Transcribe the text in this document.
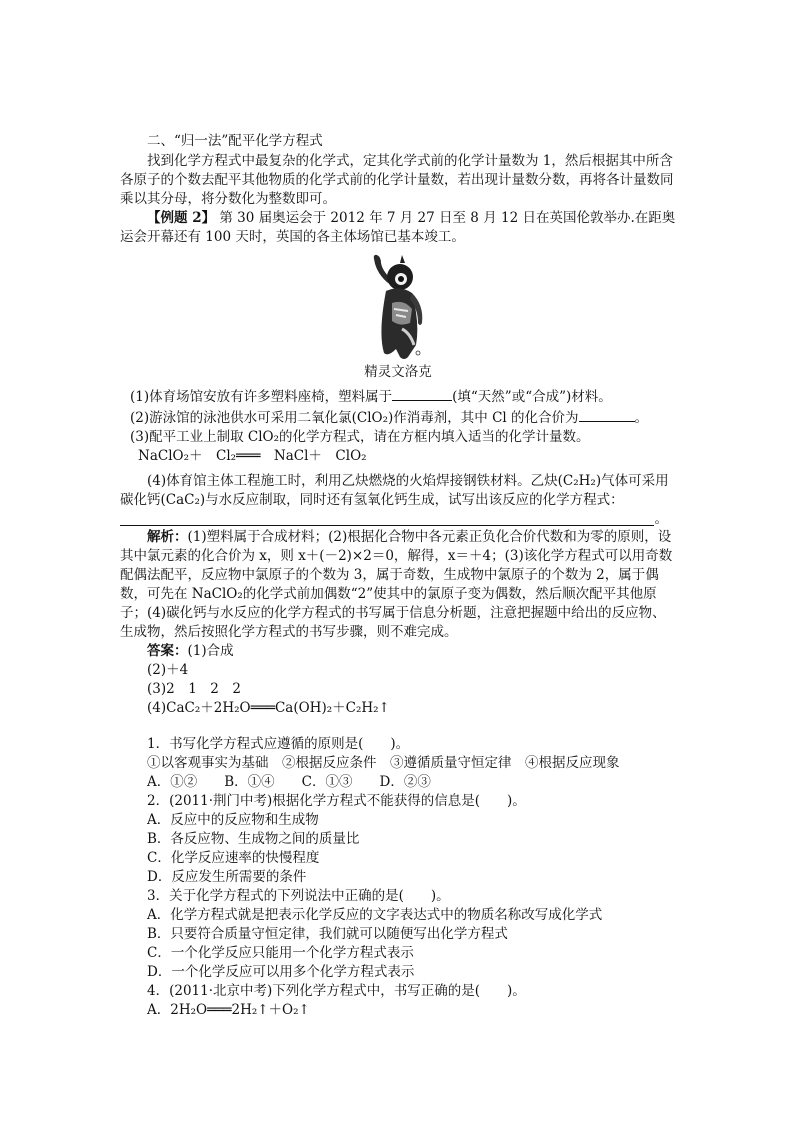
二、“归一法”配平化学方程式

找到化学方程式中最复杂的化学式，定其化学式前的化学计量数为 1，然后根据其中所含各原子的个数去配平其他物质的化学式前的化学计量数，若出现计量数分数，再将各计量数同乘以其分母，将分数化为整数即可。

【例题 2】 第 30 届奥运会于 2012 年 7 月 27 日至 8 月 12 日在英国伦敦举办.在距奥运会开幕还有 100 天时，英国的各主体场馆已基本竣工。

精灵文洛克

(1)体育场馆安放有许多塑料座椅，塑料属于	(填“天然”或“合成”)材料。

(2)游泳馆的泳池供水可采用二氧化氯(ClO₂)作消毒剂，其中 Cl 的化合价为	。

(3)配平工业上制取 ClO₂的化学方程式，请在方框内填入适当的化学计量数。

NaClO₂＋　Cl₂═══　NaCl＋　ClO₂

(4)体育馆主体工程施工时，利用乙炔燃烧的火焰焊接钢铁材料。乙炔(C₂H₂)气体可采用碳化钙(CaC₂)与水反应制取，同时还有氢氧化钙生成，试写出该反应的化学方程式：

。

解析：(1)塑料属于合成材料；(2)根据化合物中各元素正负化合价代数和为零的原则，设其中氯元素的化合价为 x，则 x＋(－2)×2＝0，解得，x＝＋4；(3)该化学方程式可以用奇数配偶法配平，反应物中氯原子的个数为 3，属于奇数，生成物中氯原子的个数为 2，属于偶数，可先在 NaClO₂的化学式前加偶数“2”使其中的氯原子变为偶数，然后顺次配平其他原子；(4)碳化钙与水反应的化学方程式的书写属于信息分析题，注意把握题中给出的反应物、生成物，然后按照化学方程式的书写步骤，则不难完成。

答案：(1)合成

(2)＋4

(3)2　1　2　2

(4)CaC₂＋2H₂O═══Ca(OH)₂＋C₂H₂↑

1．书写化学方程式应遵循的原则是(　　)。

①以客观事实为基础　②根据反应条件　③遵循质量守恒定律　④根据反应现象

A．①②　　B．①④　　C．①③　　D．②③

2．(2011·荆门中考)根据化学方程式不能获得的信息是(　　)。

A．反应中的反应物和生成物

B．各反应物、生成物之间的质量比

C．化学反应速率的快慢程度

D．反应发生所需要的条件

3．关于化学方程式的下列说法中正确的是(　　)。

A．化学方程式就是把表示化学反应的文字表达式中的物质名称改写成化学式

B．只要符合质量守恒定律，我们就可以随便写出化学方程式

C．一个化学反应只能用一个化学方程式表示

D．一个化学反应可以用多个化学方程式表示

4．(2011·北京中考)下列化学方程式中，书写正确的是(　　)。

A．2H₂O═══2H₂↑＋O₂↑
